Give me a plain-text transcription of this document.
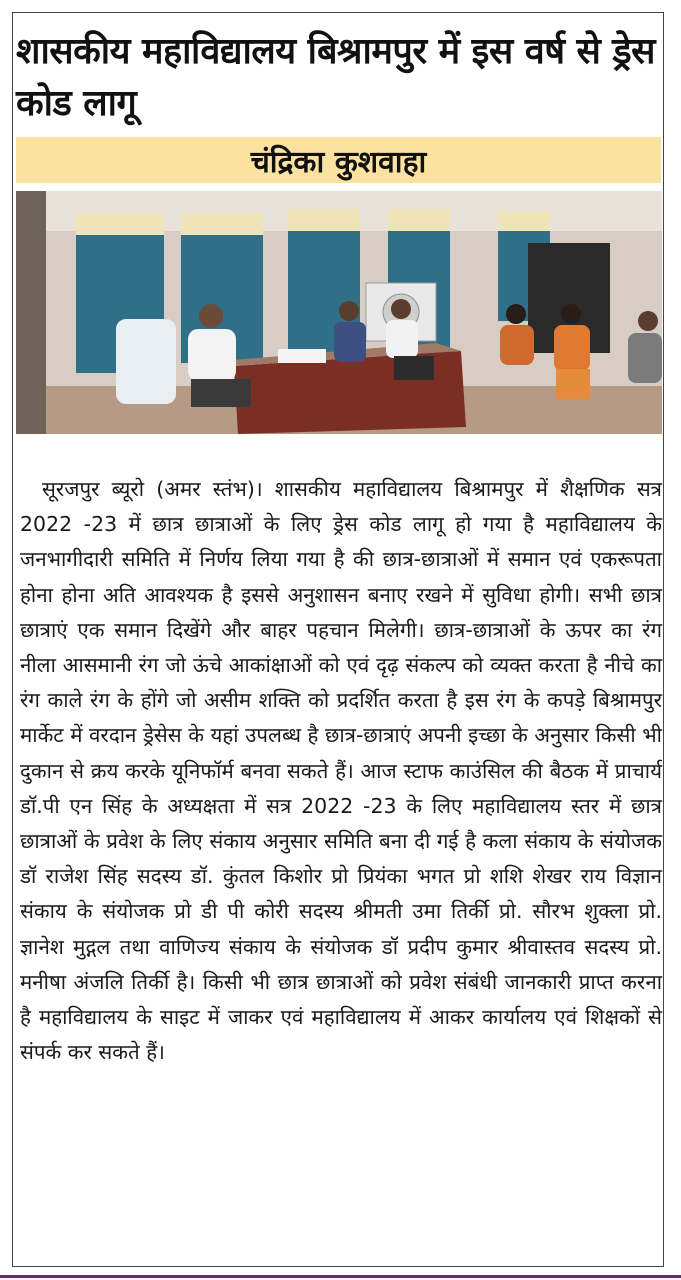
शासकीय महाविद्यालय बिश्रामपुर में इस वर्ष से ड्रेस कोड लागू
चंद्रिका कुशवाहा

सूरजपुर ब्यूरो (अमर स्तंभ)। शासकीय महाविद्यालय बिश्रामपुर में शैक्षणिक सत्र 2022 -23 में छात्र छात्राओं के लिए ड्रेस कोड लागू हो गया है महाविद्यालय के जनभागीदारी समिति में निर्णय लिया गया है की छात्र-छात्राओं में समान एवं एकरूपता होना होना अति आवश्यक है इससे अनुशासन बनाए रखने में सुविधा होगी। सभी छात्र छात्राएं एक समान दिखेंगे और बाहर पहचान मिलेगी। छात्र-छात्राओं के ऊपर का रंग नीला आसमानी रंग जो ऊंचे आकांक्षाओं को एवं दृढ़ संकल्प को व्यक्त करता है नीचे का रंग काले रंग के होंगे जो असीम शक्ति को प्रदर्शित करता है इस रंग के कपड़े बिश्रामपुर मार्केट में वरदान ड्रेसेस के यहां उपलब्ध है छात्र-छात्राएं अपनी इच्छा के अनुसार किसी भी दुकान से क्रय करके यूनिफॉर्म बनवा सकते हैं। आज स्टाफ काउंसिल की बैठक में प्राचार्य डॉ.पी एन सिंह के अध्यक्षता में सत्र 2022 -23 के लिए महाविद्यालय स्तर में छात्र छात्राओं के प्रवेश के लिए संकाय अनुसार समिति बना दी गई है कला संकाय के संयोजक डॉ राजेश सिंह सदस्य डॉ. कुंतल किशोर प्रो प्रियंका भगत प्रो शशि शेखर राय विज्ञान संकाय के संयोजक प्रो डी पी कोरी सदस्य श्रीमती उमा तिर्की प्रो. सौरभ शुक्ला प्रो. ज्ञानेश मुद्गल तथा वाणिज्य संकाय के संयोजक डॉ प्रदीप कुमार श्रीवास्तव सदस्य प्रो. मनीषा अंजलि तिर्की है। किसी भी छात्र छात्राओं को प्रवेश संबंधी जानकारी प्राप्त करना है महाविद्यालय के साइट में जाकर एवं महाविद्यालय में आकर कार्यालय एवं शिक्षकों से संपर्क कर सकते हैं।
